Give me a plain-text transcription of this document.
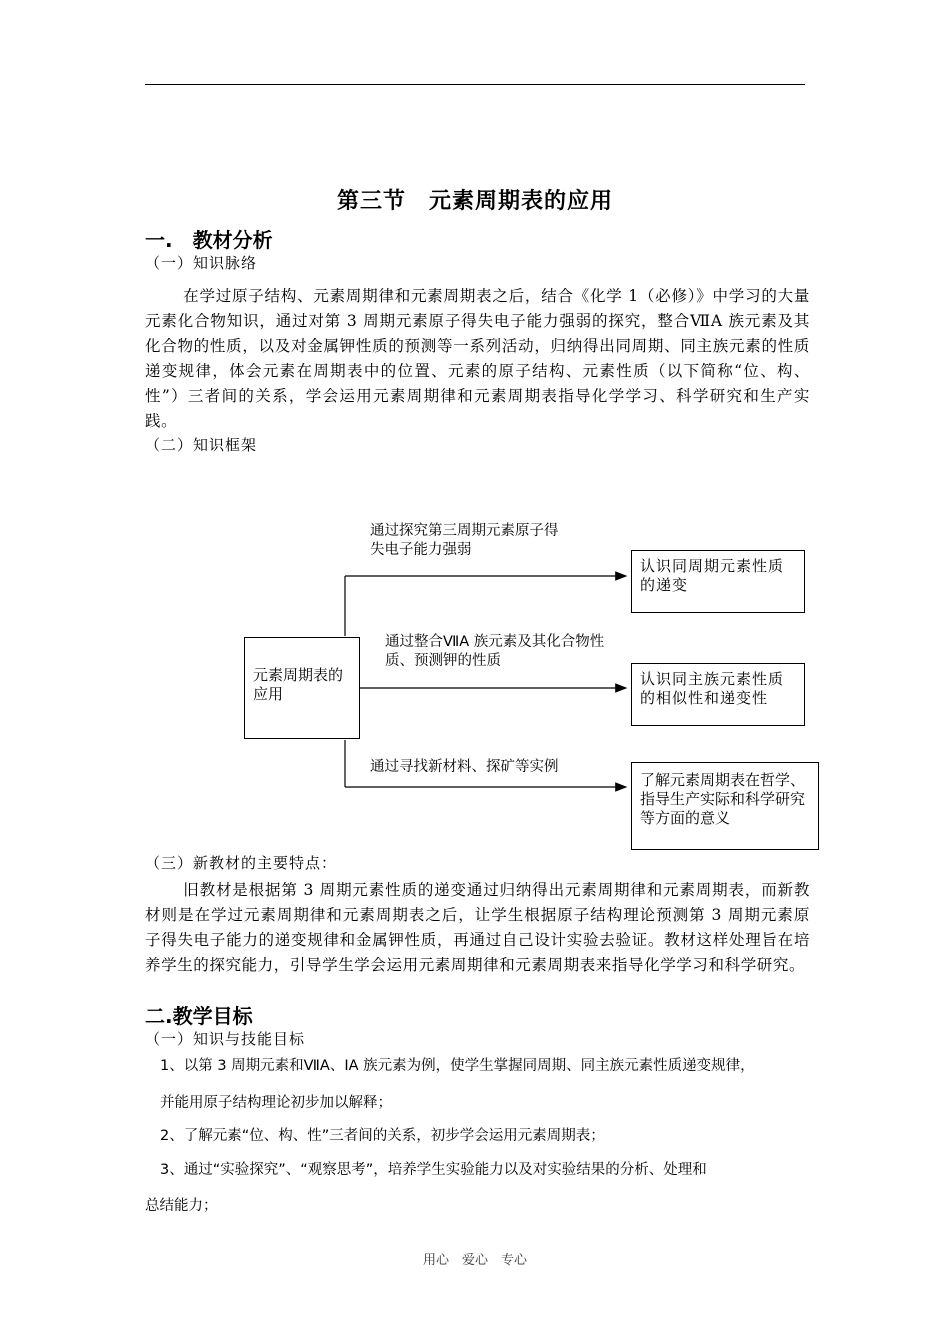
第三节　元素周期表的应用
一.　教材分析
（一）知识脉络
在学过原子结构、元素周期律和元素周期表之后，结合《化学 1（必修）》中学习的大量元素化合物知识，通过对第 3 周期元素原子得失电子能力强弱的探究，整合ⅦA 族元素及其化合物的性质，以及对金属钾性质的预测等一系列活动，归纳得出同周期、同主族元素的性质递变规律，体会元素在周期表中的位置、元素的原子结构、元素性质（以下简称“位、构、性”）三者间的关系，学会运用元素周期律和元素周期表指导化学学习、科学研究和生产实践。
（二）知识框架
元素周期表的应用
通过探究第三周期元素原子得失电子能力强弱
通过整合ⅦA 族元素及其化合物性质、预测钾的性质
通过寻找新材料、探矿等实例
认识同周期元素性质的递变
认识同主族元素性质的相似性和递变性
了解元素周期表在哲学、指导生产实际和科学研究等方面的意义
（三）新教材的主要特点：
旧教材是根据第 3 周期元素性质的递变通过归纳得出元素周期律和元素周期表，而新教材则是在学过元素周期律和元素周期表之后，让学生根据原子结构理论预测第 3 周期元素原子得失电子能力的递变规律和金属钾性质，再通过自己设计实验去验证。教材这样处理旨在培养学生的探究能力，引导学生学会运用元素周期律和元素周期表来指导化学学习和科学研究。
二.教学目标
（一）知识与技能目标
1、以第 3 周期元素和ⅦA、ⅠA 族元素为例，使学生掌握同周期、同主族元素性质递变规律，
并能用原子结构理论初步加以解释；
2、了解元素“位、构、性”三者间的关系，初步学会运用元素周期表；
3、通过“实验探究”、“观察思考”，培养学生实验能力以及对实验结果的分析、处理和
总结能力；
用心　爱心　专心
